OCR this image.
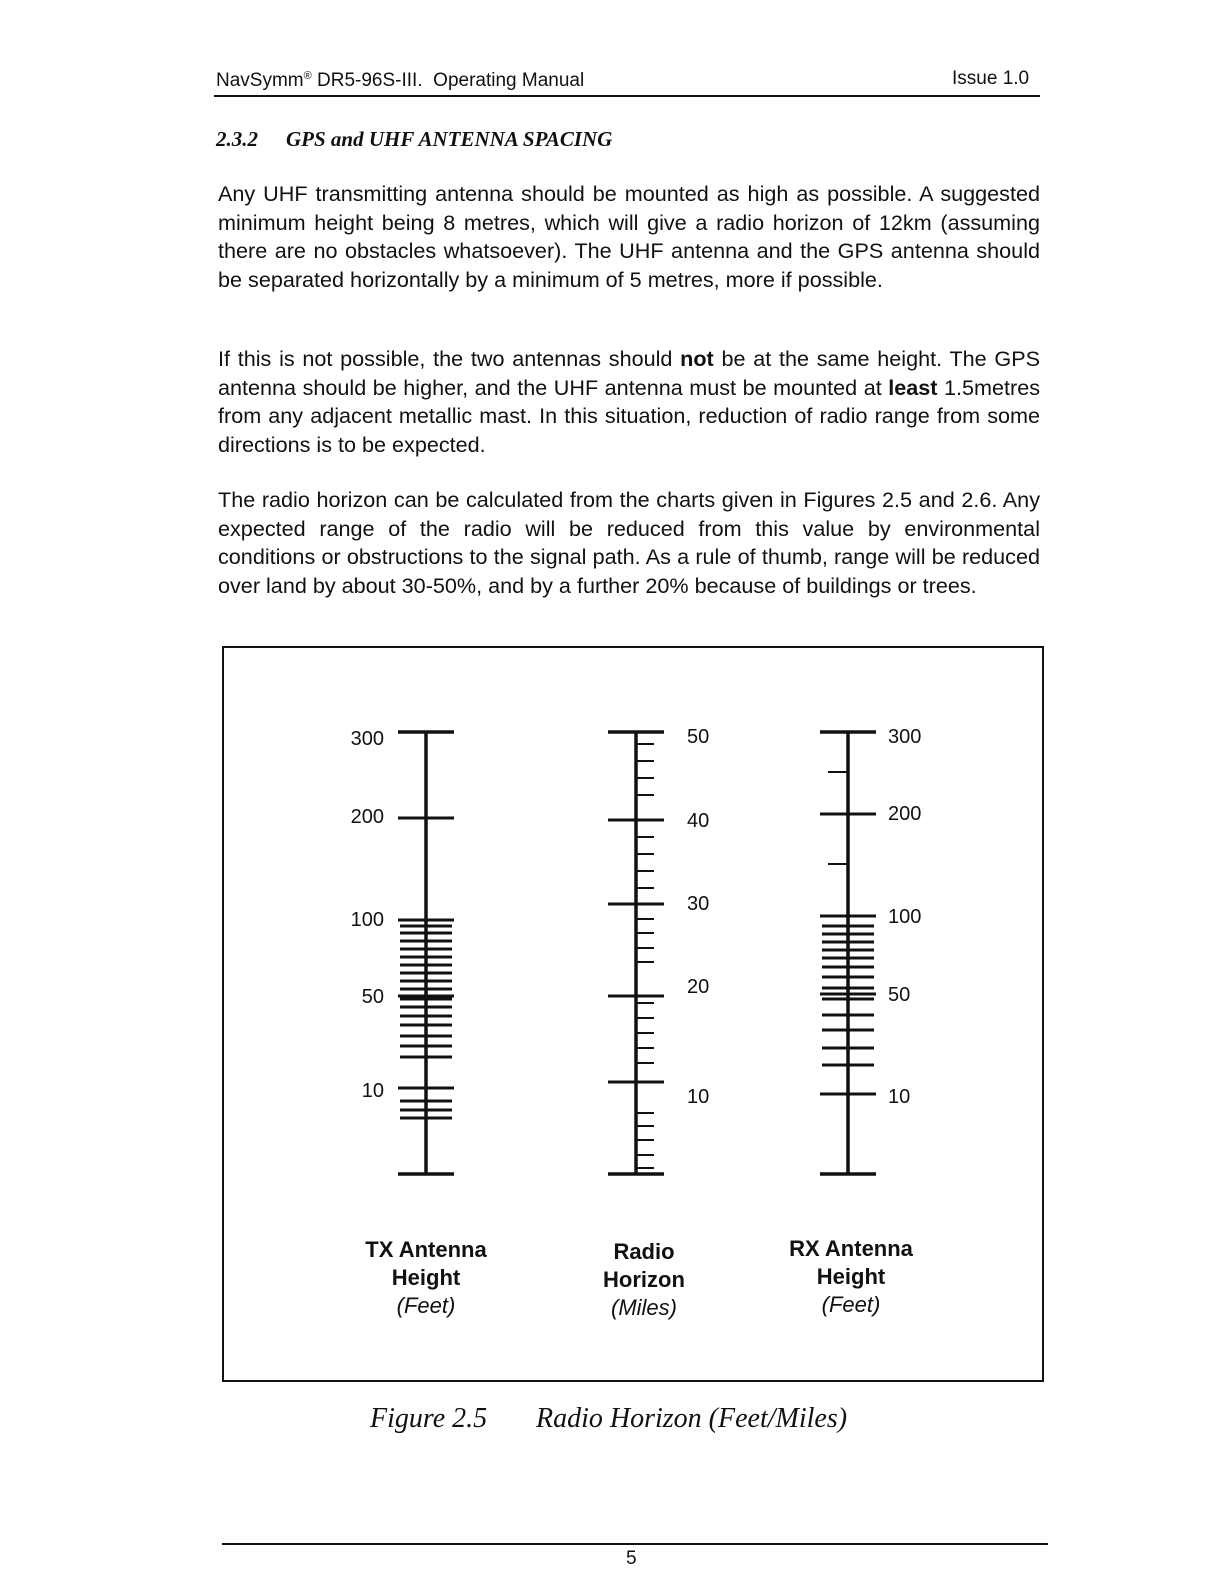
NavSymm® DR5-96S-III. Operating Manual	Issue 1.0
2.3.2 GPS and UHF ANTENNA SPACING
Any UHF transmitting antenna should be mounted as high as possible. A suggested minimum height being 8 metres, which will give a radio horizon of 12km (assuming there are no obstacles whatsoever). The UHF antenna and the GPS antenna should be separated horizontally by a minimum of 5 metres, more if possible.
If this is not possible, the two antennas should not be at the same height. The GPS antenna should be higher, and the UHF antenna must be mounted at least 1.5metres from any adjacent metallic mast. In this situation, reduction of radio range from some directions is to be expected.
The radio horizon can be calculated from the charts given in Figures 2.5 and 2.6. Any expected range of the radio will be reduced from this value by environmental conditions or obstructions to the signal path. As a rule of thumb, range will be reduced over land by about 30-50%, and by a further 20% because of buildings or trees.
300
200
100
50
10
50
40
30
20
10
300
200
100
50
10
TX Antenna
Height
(Feet)
Radio
Horizon
(Miles)
RX Antenna
Height
(Feet)
Figure 2.5 Radio Horizon (Feet/Miles)
5
